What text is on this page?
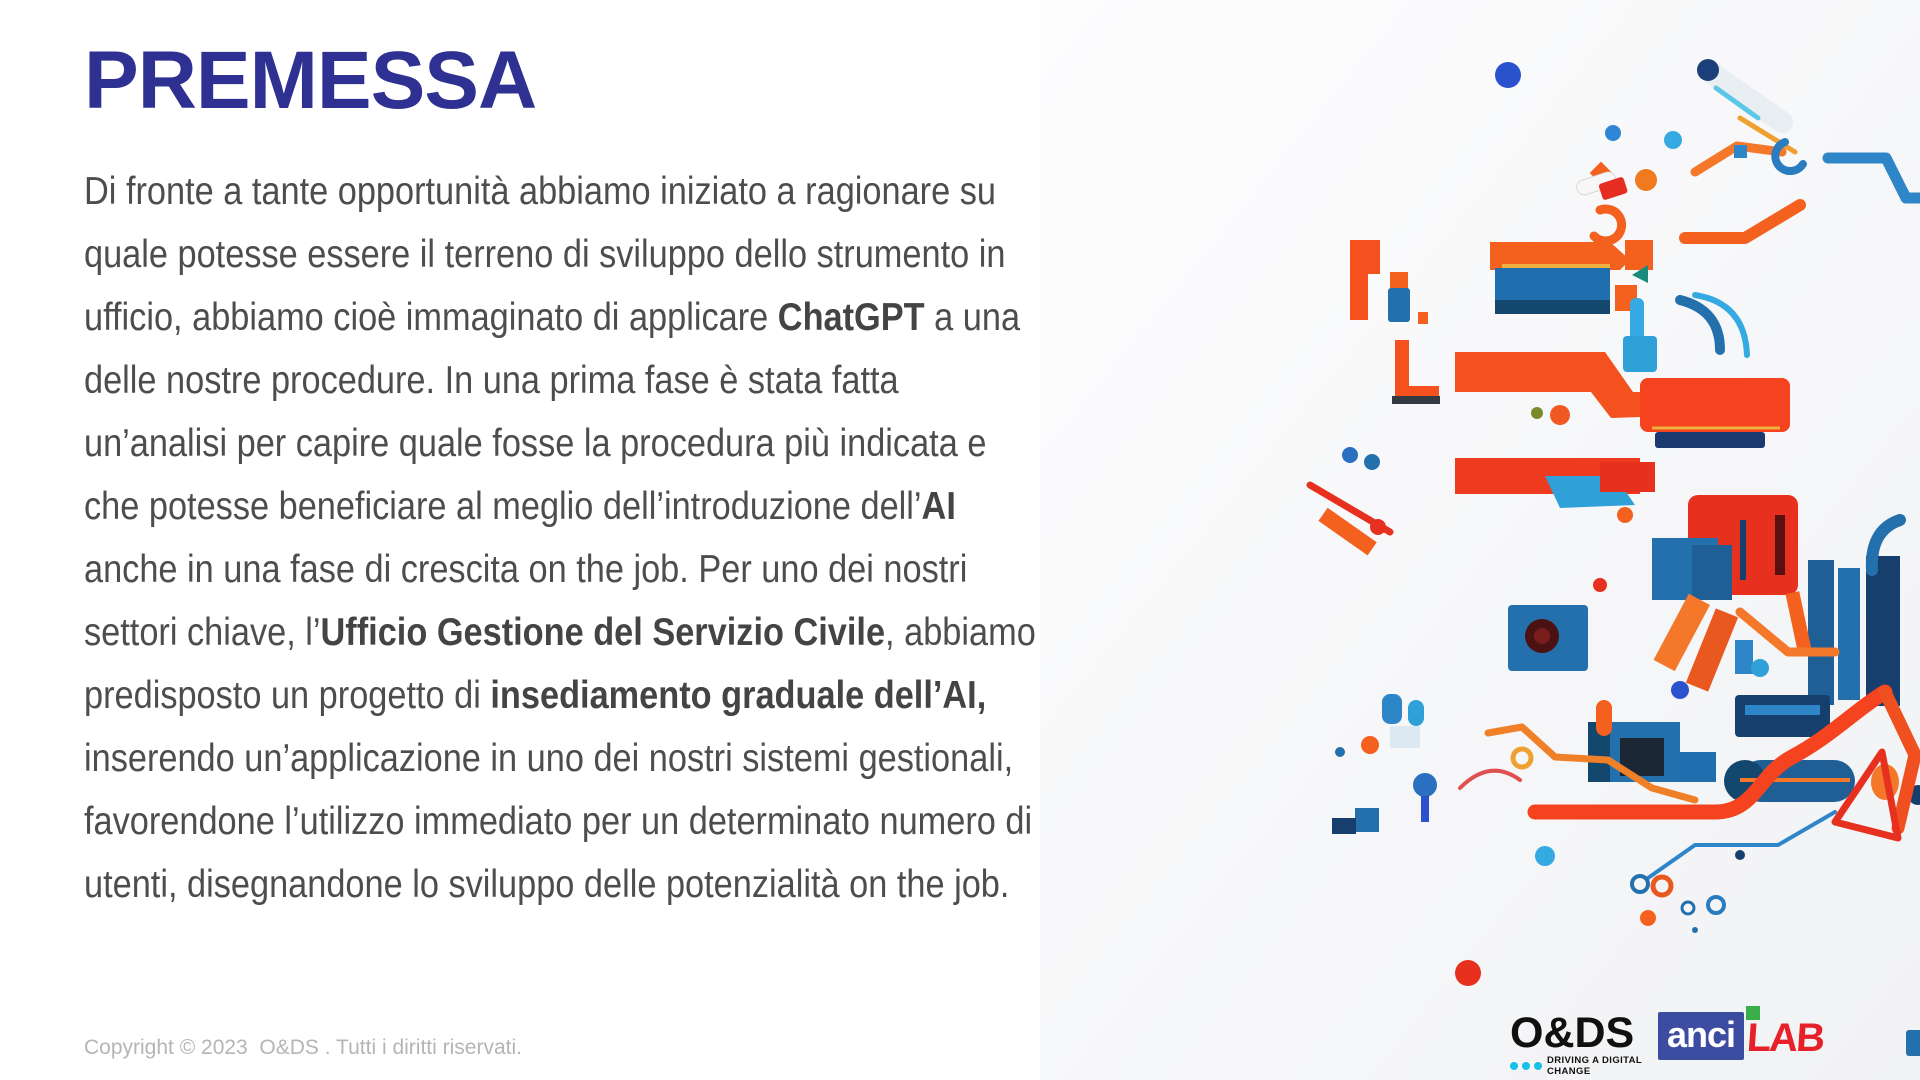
PREMESSA

Di fronte a tante opportunità abbiamo iniziato a ragionare su quale potesse essere il terreno di sviluppo dello strumento in ufficio, abbiamo cioè immaginato di applicare ChatGPT a una delle nostre procedure. In una prima fase è stata fatta un’analisi per capire quale fosse la procedura più indicata e che potesse beneficiare al meglio dell’introduzione dell’AI anche in una fase di crescita on the job. Per uno dei nostri settori chiave, l’Ufficio Gestione del Servizio Civile, abbiamo predisposto un progetto di insediamento graduale dell’AI, inserendo un’applicazione in uno dei nostri sistemi gestionali, favorendone l’utilizzo immediato per un determinato numero di utenti, disegnandone lo sviluppo delle potenzialità on the job.

Copyright © 2023  O&DS . Tutti i diritti riservati.	O&DS
DRIVING A DIGITAL CHANGE
anci LAB
